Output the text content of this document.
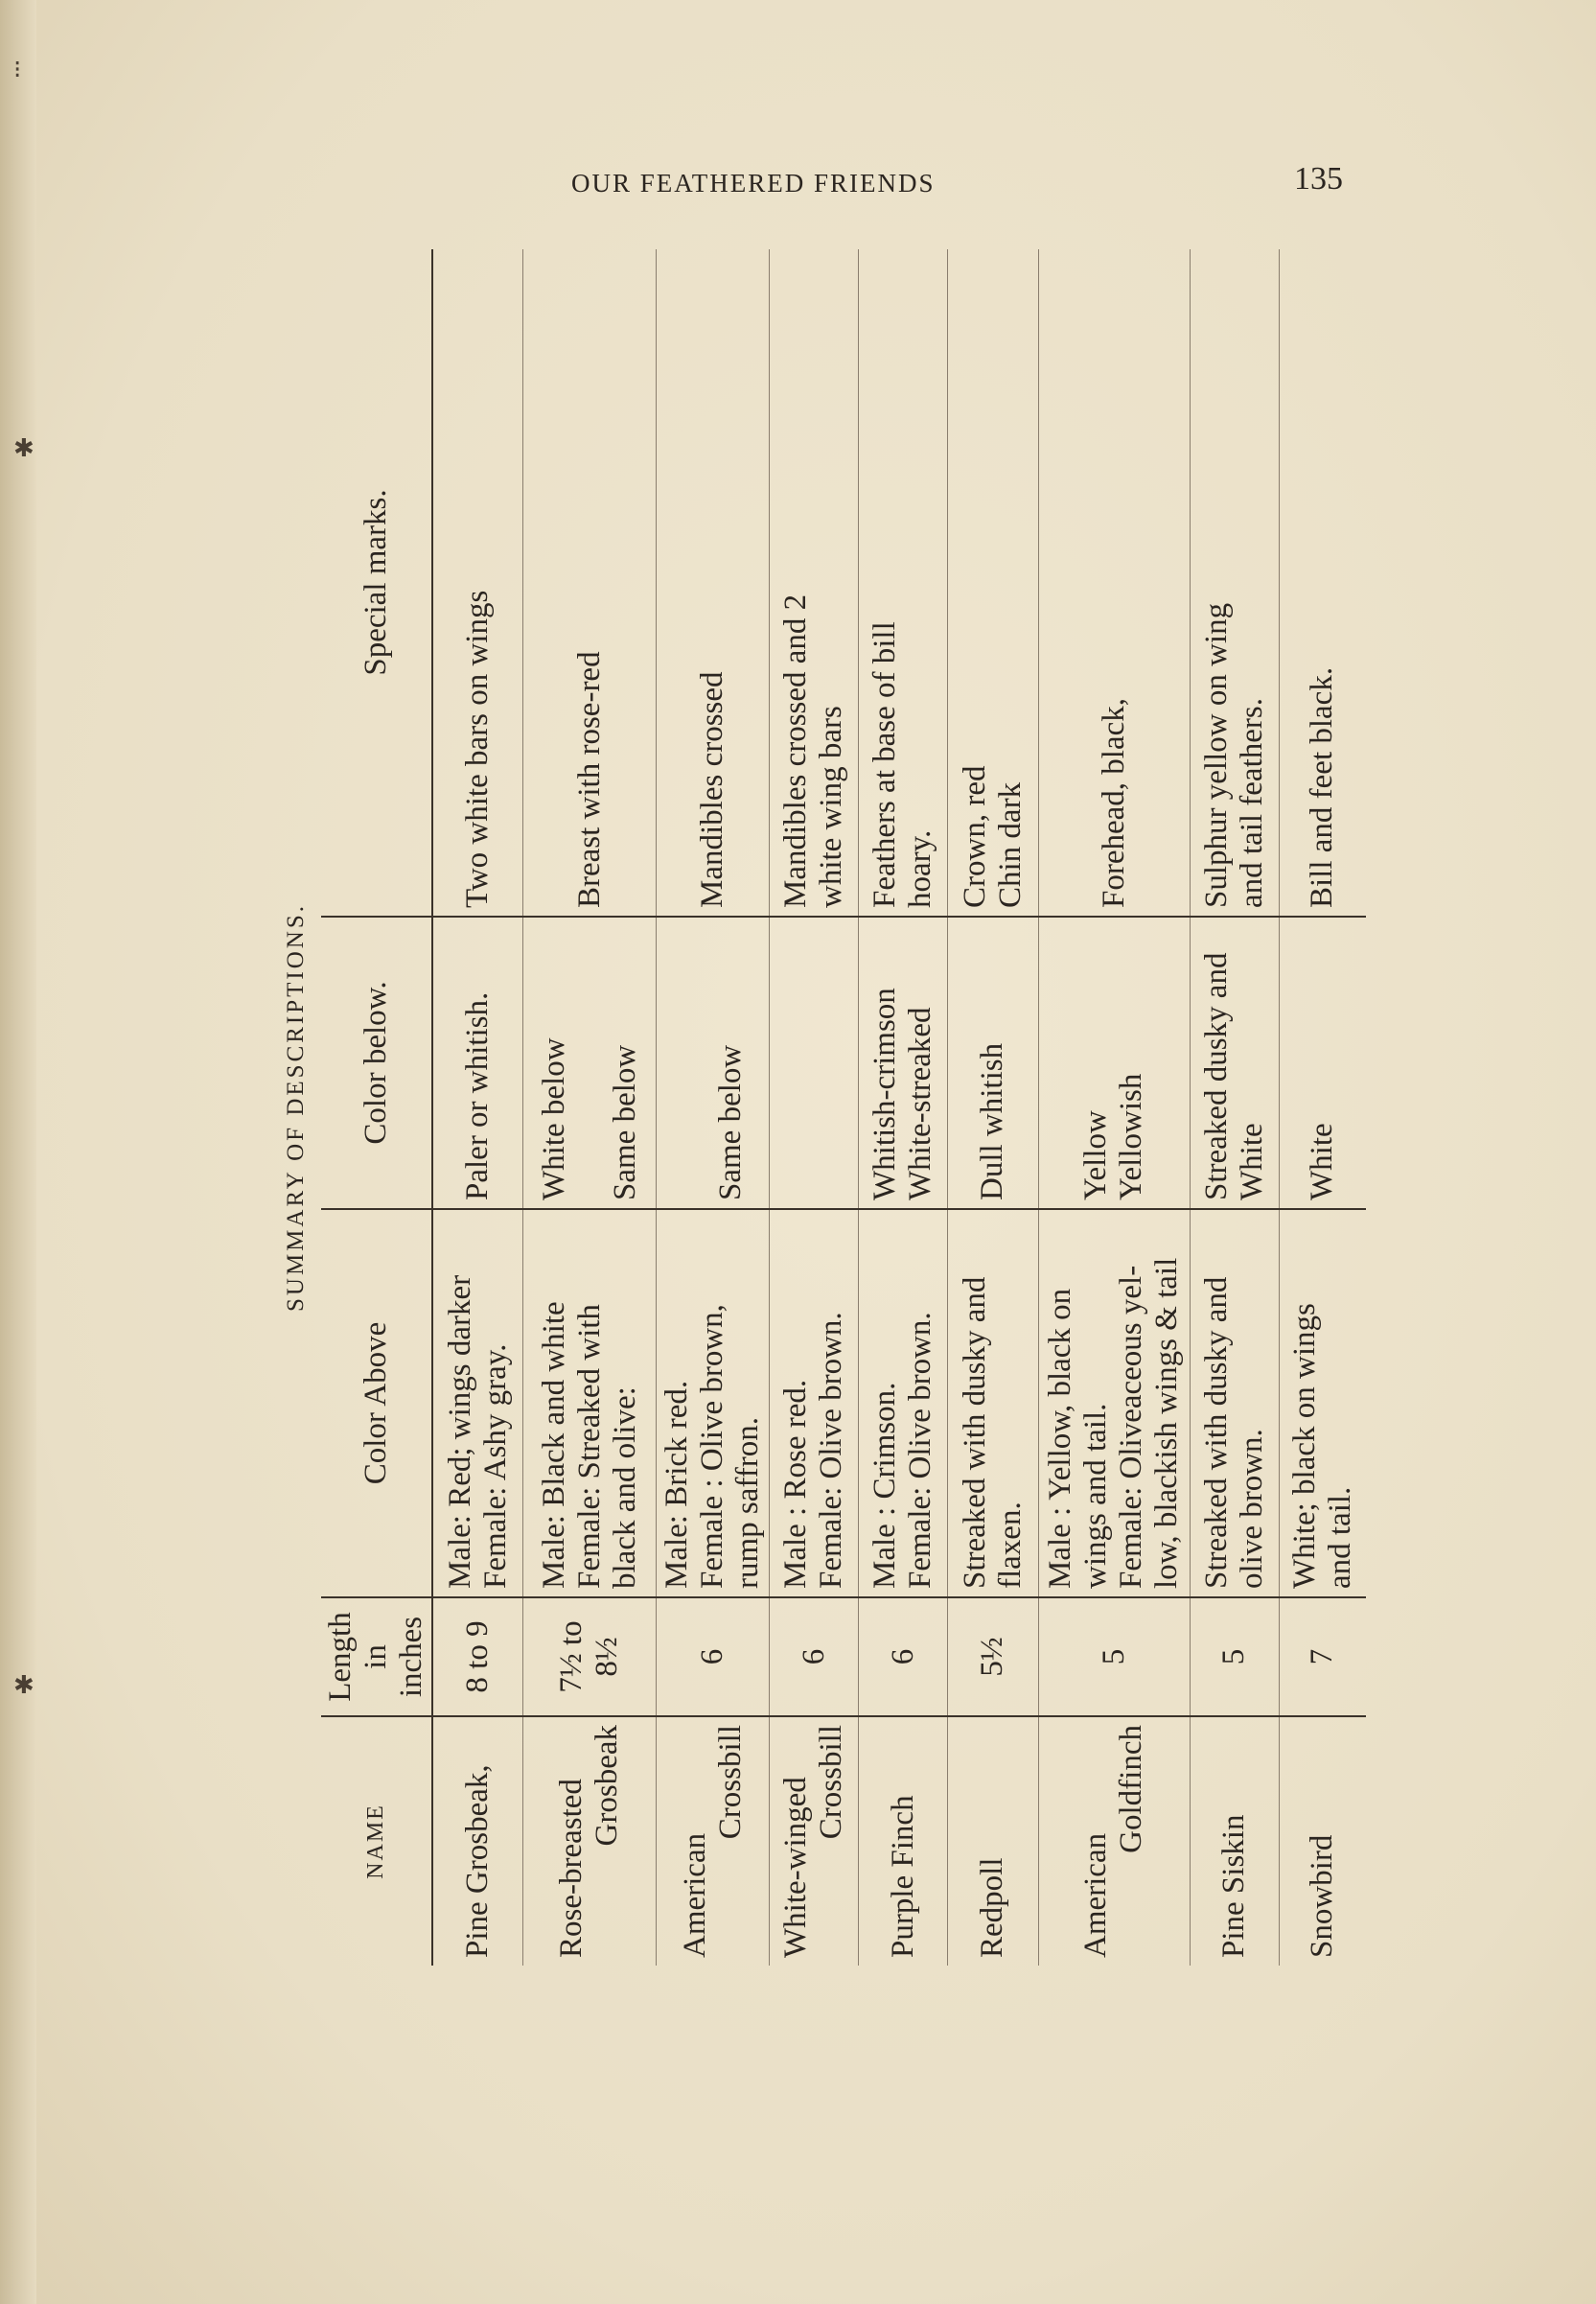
⁝
✱
✱
OUR FEATHERED FRIENDS	135
SUMMARY OF DESCRIPTIONS.
NAME	Length in inches	Color Above	Color below.	Special marks.

Pine Grosbeak,	8 to 9	Male: Red; wings darker Female: Ashy gray.	Paler or whitish.	Two white bars on wings

Rose-breasted Grosbeak	7½ to 8½	Male: Black and white Female: Streaked with black and olive:	White below Same below	Breast with rose-red

American
Crossbill	6	Male: Brick red. Female : Olive brown, rump saffron.	Same below	Mandibles crossed

White-winged Crossbill	6	Male : Rose red. Female: Olive brown.		Mandibles crossed and 2 white wing bars

Purple Finch	6	Male : Crimson. Female: Olive brown.	Whitish-crimson White-streaked	Feathers at base of bill hoary.

Redpoll	5½	Streaked with dusky and flaxen.	Dull whitish	Crown, red Chin dark

American
Goldfinch	5	Male : Yellow, black on wings and tail. Female: Oliveaceous yel- low, blackish wings & tail	Yellow Yellowish	Forehead, black,

Pine Siskin	5	Streaked with dusky and olive brown.	Streaked dusky and White	Sulphur yellow on wing and tail feathers.

Snowbird	7	White; black on wings and tail.	White	Bill and feet black.
